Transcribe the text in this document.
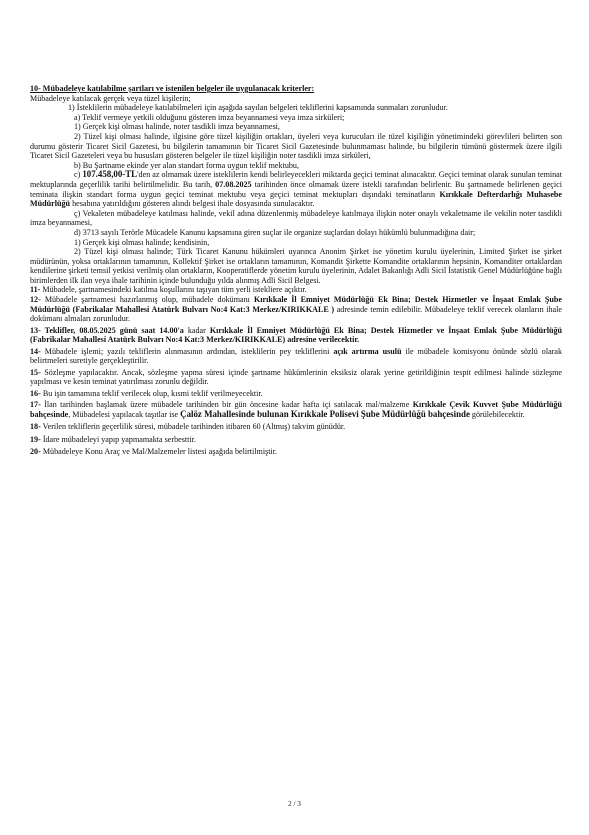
10- Mübadeleye katılabilme şartları ve istenilen belgeler ile uygulanacak kriterler:

Mübadeleye katılacak gerçek veya tüzel kişilerin;

1) İsteklilerin mübadeleye katılabilmeleri için aşağıda sayılan belgeleri tekliflerini kapsamında sunmaları zorunludur.

a) Teklif vermeye yetkili olduğunu gösteren imza beyannamesi veya imza sirküleri;

1) Gerçek kişi olması halinde, noter tasdikli imza beyannamesi,

2) Tüzel kişi olması halinde, ilgisine göre tüzel kişiliğin ortakları, üyeleri veya kurucuları ile tüzel kişiliğin yönetimindeki görevlileri belirten son durumu gösterir Ticaret Sicil Gazetesi, bu bilgilerin tamamının bir Ticaret Sicil Gazetesinde bulunmaması halinde, bu bilgilerin tümünü göstermek üzere ilgili Ticaret Sicil Gazeteleri veya bu hususları gösteren belgeler ile tüzel kişiliğin noter tasdikli imza sirküleri,

b) Bu Şartname ekinde yer alan standart forma uygun teklif mektubu,

c) 107.458,00-TL'den az olmamak üzere isteklilerin kendi belirleyecekleri miktarda geçici teminat alınacaktır. Geçici teminat olarak sunulan teminat mektuplarında geçerlilik tarihi belirtilmelidir. Bu tarih, 07.08.2025 tarihinden önce olmamak üzere istekli tarafından belirlenir. Bu şartnamede belirlenen geçici teminata ilişkin standart forma uygun geçici teminat mektubu veya geçici teminat mektupları dışındaki teminatların Kırıkkale Defterdarlığı Muhasebe Müdürlüğü hesabına yatırıldığını gösteren alındı belgesi ihale dosyasında sunulacaktır.

ç) Vekaleten mübadeleye katılması halinde, vekil adına düzenlenmiş mübadeleye katılmaya ilişkin noter onaylı vekaletname ile vekilin noter tasdikli imza beyannamesi,

d) 3713 sayılı Terörle Mücadele Kanunu kapsamına giren suçlar ile organize suçlardan dolayı hükümlü bulunmadığına dair;

1) Gerçek kişi olması halinde; kendisinin,

2) Tüzel kişi olması halinde; Türk Ticaret Kanunu hükümleri uyarınca Anonim Şirket ise yönetim kurulu üyelerinin, Limited Şirket ise şirket müdürünün, yoksa ortaklarının tamamının, Kollektif Şirket ise ortakların tamamının, Komandit Şirkette Komandite ortaklarının hepsinin, Komanditer ortaklardan kendilerine şirketi temsil yetkisi verilmiş olan ortakların, Kooperatiflerde yönetim kurulu üyelerinin, Adalet Bakanlığı Adli Sicil İstatistik Genel Müdürlüğüne bağlı birimlerden ilk ilan veya ihale tarihinin içinde bulunduğu yılda alınmış Adli Sicil Belgesi.

11- Mübadele, şartnamesindeki katılma koşullarını taşıyan tüm yerli istekliere açıktır.

12- Mübadele şartnamesi hazırlanmış olup, mübadele dokümanı Kırıkkale İl Emniyet Müdürlüğü Ek Bina; Destek Hizmetler ve İnşaat Emlak Şube Müdürlüğü (Fabrikalar Mahallesi Atatürk Bulvarı No:4 Kat:3 Merkez/KIRIKKALE ) adresinde temin edilebilir. Mübadeleye teklif verecek olanların ihale dokümanı almaları zorunludur.

13- Teklifler, 08.05.2025 günü saat 14.00'a kadar Kırıkkale İl Emniyet Müdürlüğü Ek Bina; Destek Hizmetler ve İnşaat Emlak Şube Müdürlüğü (Fabrikalar Mahallesi Atatürk Bulvarı No:4 Kat:3 Merkez/KIRIKKALE) adresine verilecektir.

14- Mübadele işlemi; yazılı tekliflerin alınmasının ardından, isteklilerin pey tekliflerini açık artırma usulü ile mübadele komisyonu önünde sözlü olarak belirtmeleri suretiyle gerçekleştirilir.

15- Sözleşme yapılacaktır. Ancak, sözleşme yapma süresi içinde şartname hükümlerinin eksiksiz olarak yerine getirildiğinin tespit edilmesi halinde sözleşme yapılması ve kesin teminat yatırılması zorunlu değildir.

16- Bu işin tamamına teklif verilecek olup, kısmi teklif verilmeyecektir.

17- İlan tarihinden başlamak üzere mübadele tarihinden bir gün öncesine kadar hafta içi satılacak mal/malzeme Kırıkkale Çevik Kuvvet Şube Müdürlüğü bahçesinde, Mübadelesi yapılacak taşıtlar ise Çalöz Mahallesinde bulunan Kırıkkale Polisevi Şube Müdürlüğü bahçesinde görülebilecektir.

18- Verilen tekliflerin geçerlilik süresi, mübadele tarihinden itibaren 60 (Altmış) takvim günüdür.

19- İdare mübadeleyi yapıp yapmamakta serbesttir.

20- Mübadeleye Konu Araç ve Mal/Malzemeler listesi aşağıda belirtilmiştir.

2 / 3
